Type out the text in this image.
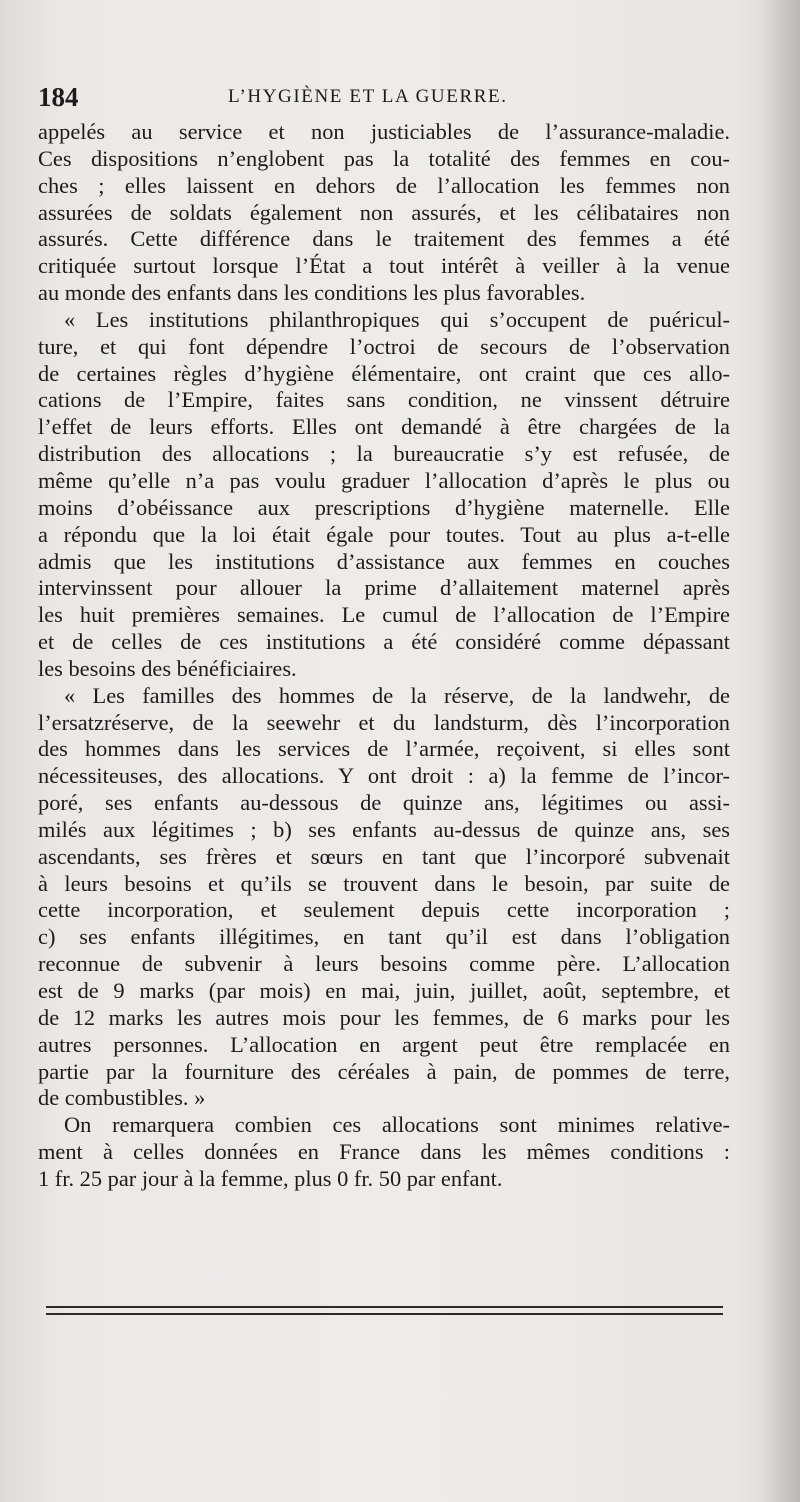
184	L’HYGIÈNE ET LA GUERRE.
appelés au service et non justiciables de l’assurance-maladie.
Ces dispositions n’englobent pas la totalité des femmes en cou-
ches ; elles laissent en dehors de l’allocation les femmes non
assurées de soldats également non assurés, et les célibataires non
assurés. Cette différence dans le traitement des femmes a été
critiquée surtout lorsque l’État a tout intérêt à veiller à la venue
au monde des enfants dans les conditions les plus favorables.
« Les institutions philanthropiques qui s’occupent de puéricul-
ture, et qui font dépendre l’octroi de secours de l’observation
de certaines règles d’hygiène élémentaire, ont craint que ces allo-
cations de l’Empire, faites sans condition, ne vinssent détruire
l’effet de leurs efforts. Elles ont demandé à être chargées de la
distribution des allocations ; la bureaucratie s’y est refusée, de
même qu’elle n’a pas voulu graduer l’allocation d’après le plus ou
moins d’obéissance aux prescriptions d’hygiène maternelle. Elle
a répondu que la loi était égale pour toutes. Tout au plus a-t-elle
admis que les institutions d’assistance aux femmes en couches
intervinssent pour allouer la prime d’allaitement maternel après
les huit premières semaines. Le cumul de l’allocation de l’Empire
et de celles de ces institutions a été considéré comme dépassant
les besoins des bénéficiaires.
« Les familles des hommes de la réserve, de la landwehr, de
l’ersatzréserve, de la seewehr et du landsturm, dès l’incorporation
des hommes dans les services de l’armée, reçoivent, si elles sont
nécessiteuses, des allocations. Y ont droit : a) la femme de l’incor-
poré, ses enfants au-dessous de quinze ans, légitimes ou assi-
milés aux légitimes ; b) ses enfants au-dessus de quinze ans, ses
ascendants, ses frères et sœurs en tant que l’incorporé subvenait
à leurs besoins et qu’ils se trouvent dans le besoin, par suite de
cette incorporation, et seulement depuis cette incorporation ;
c) ses enfants illégitimes, en tant qu’il est dans l’obligation
reconnue de subvenir à leurs besoins comme père. L’allocation
est de 9 marks (par mois) en mai, juin, juillet, août, septembre, et
de 12 marks les autres mois pour les femmes, de 6 marks pour les
autres personnes. L’allocation en argent peut être remplacée en
partie par la fourniture des céréales à pain, de pommes de terre,
de combustibles. »
On remarquera combien ces allocations sont minimes relative-
ment à celles données en France dans les mêmes conditions :
1 fr. 25 par jour à la femme, plus 0 fr. 50 par enfant.
